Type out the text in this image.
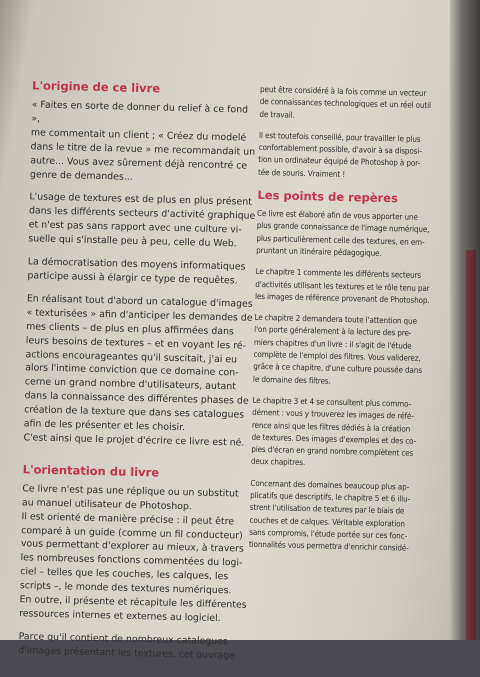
L'origine de ce livre
« Faites en sorte de donner du relief à ce fond »,
me commentait un client ; « Créez du modelé
dans le titre de la revue » me recommandait un
autre... Vous avez sûrement déjà rencontré ce
genre de demandes...
L'usage de textures est de plus en plus présent
dans les différents secteurs d'activité graphique
et n'est pas sans rapport avec une culture vi-
suelle qui s'installe peu à peu, celle du Web.
La démocratisation des moyens informatiques
participe aussi à élargir ce type de requêtes.
En réalisant tout d'abord un catalogue d'images
« texturisées » afin d'anticiper les demandes de
mes clients – de plus en plus affirmées dans
leurs besoins de textures – et en voyant les ré-
actions encourageantes qu'il suscitait, j'ai eu
alors l'intime conviction que ce domaine con-
cerne un grand nombre d'utilisateurs, autant
dans la connaissance des différentes phases de
création de la texture que dans ses catalogues
afin de les présenter et les choisir.
C'est ainsi que le projet d'écrire ce livre est né.
L'orientation du livre
Ce livre n'est pas une réplique ou un substitut
au manuel utilisateur de Photoshop.
Il est orienté de manière précise : il peut être
comparé à un guide (comme un fil conducteur)
vous permettant d'explorer au mieux, à travers
les nombreuses fonctions commentées du logi-
ciel – telles que les couches, les calques, les
scripts –, le monde des textures numériques.
En outre, il présente et récapitule les différentes
ressources internes et externes au logiciel.
Parce qu'il contient de nombreux catalogues
d'images présentant les textures, cet ouvrage
peut être considéré à la fois comme un vecteur
de connaissances technologiques et un réel outil
de travail.
Il est toutefois conseillé, pour travailler le plus
confortablement possible, d'avoir à sa disposi-
tion un ordinateur équipé de Photoshop à por-
tée de souris. Vraiment !
Les points de repères
Ce livre est élaboré afin de vous apporter une
plus grande connaissance de l'image numérique,
plus particulièrement celle des textures, en em-
pruntant un itinéraire pédagogique.
Le chapitre 1 commente les différents secteurs
d'activités utilisant les textures et le rôle tenu par
les images de référence provenant de Photoshop.
Le chapitre 2 demandera toute l'attention que
l'on porte généralement à la lecture des pre-
miers chapitres d'un livre : il s'agit de l'étude
complète de l'emploi des filtres. Vous validerez,
grâce à ce chapitre, d'une culture poussée dans
le domaine des filtres.
Le chapitre 3 et 4 se consultent plus commo-
dément : vous y trouverez les images de réfé-
rence ainsi que les filtres dédiés à la création
de textures. Des images d'exemples et des co-
pies d'écran en grand nombre complètent ces
deux chapitres.
Concernant des domaines beaucoup plus ap-
plicatifs que descriptifs, le chapitre 5 et 6 illu-
strent l'utilisation de textures par le biais de
couches et de calques. Véritable exploration
sans compromis, l'étude portée sur ces fonc-
tionnalités vous permettra d'enrichir considé-
